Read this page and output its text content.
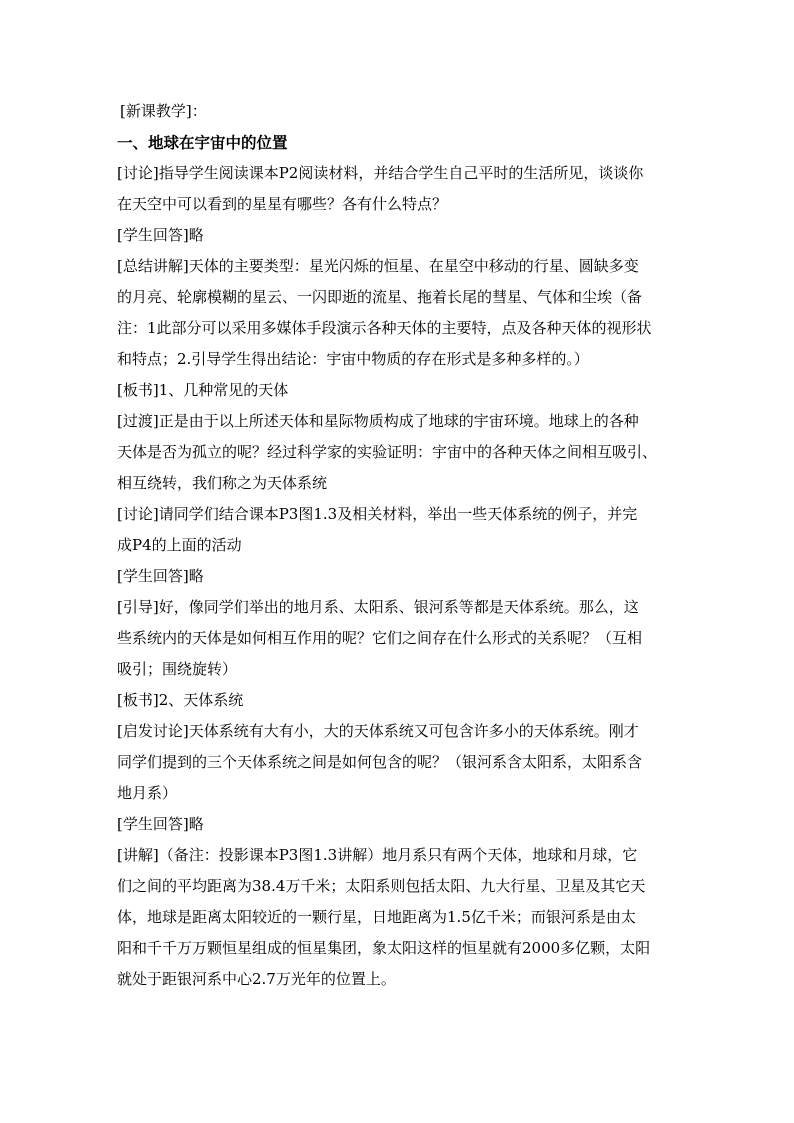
[新课教学]：
一、地球在宇宙中的位置
[讨论]指导学生阅读课本P2阅读材料，并结合学生自己平时的生活所见，谈谈你
在天空中可以看到的星星有哪些？各有什么特点？
[学生回答]略
[总结讲解]天体的主要类型：星光闪烁的恒星、在星空中移动的行星、圆缺多变
的月亮、轮廓模糊的星云、一闪即逝的流星、拖着长尾的彗星、气体和尘埃（备
注：1此部分可以采用多媒体手段演示各种天体的主要特，点及各种天体的视形状
和特点；2.引导学生得出结论：宇宙中物质的存在形式是多种多样的。）
[板书]1、几种常见的天体
[过渡]正是由于以上所述天体和星际物质构成了地球的宇宙环境。地球上的各种
天体是否为孤立的呢？经过科学家的实验证明：宇宙中的各种天体之间相互吸引、
相互绕转，我们称之为天体系统
[讨论]请同学们结合课本P3图1.3及相关材料，举出一些天体系统的例子，并完
成P4的上面的活动
[学生回答]略
[引导]好，像同学们举出的地月系、太阳系、银河系等都是天体系统。那么，这
些系统内的天体是如何相互作用的呢？它们之间存在什么形式的关系呢？（互相
吸引；围绕旋转）
[板书]2、天体系统
[启发讨论]天体系统有大有小，大的天体系统又可包含许多小的天体系统。刚才
同学们提到的三个天体系统之间是如何包含的呢？（银河系含太阳系，太阳系含
地月系）
[学生回答]略
[讲解]（备注：投影课本P3图1.3讲解）地月系只有两个天体，地球和月球，它
们之间的平均距离为38.4万千米；太阳系则包括太阳、九大行星、卫星及其它天
体，地球是距离太阳较近的一颗行星，日地距离为1.5亿千米；而银河系是由太
阳和千千万万颗恒星组成的恒星集团，象太阳这样的恒星就有2000多亿颗，太阳
就处于距银河系中心2.7万光年的位置上。
